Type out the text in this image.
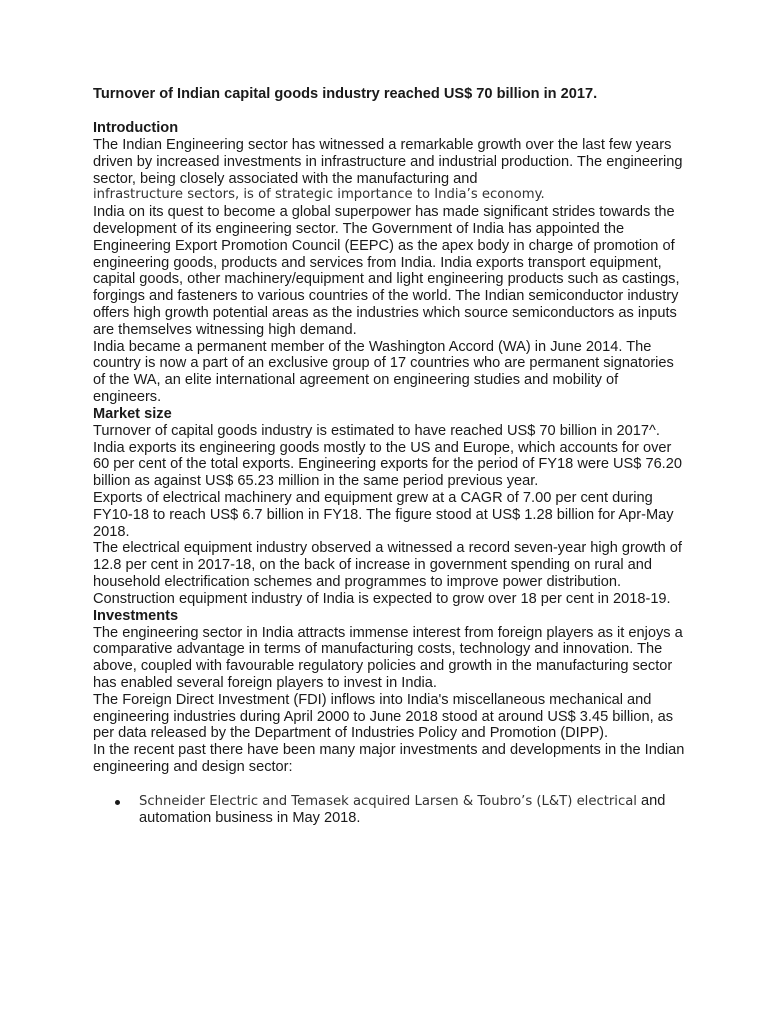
Turnover of Indian capital goods industry reached US$ 70 billion in 2017.

Introduction

The Indian Engineering sector has witnessed a remarkable growth over the last few years driven by increased investments in infrastructure and industrial production. The engineering sector, being closely associated with the manufacturing and

infrastructure sectors, is of strategic importance to India’s economy.

India on its quest to become a global superpower has made significant strides towards the development of its engineering sector. The Government of India has appointed the Engineering Export Promotion Council (EEPC) as the apex body in charge of promotion of engineering goods, products and services from India. India exports transport equipment, capital goods, other machinery/equipment and light engineering products such as castings, forgings and fasteners to various countries of the world. The Indian semiconductor industry offers high growth potential areas as the industries which source semiconductors as inputs are themselves witnessing high demand.

India became a permanent member of the Washington Accord (WA) in June 2014. The country is now a part of an exclusive group of 17 countries who are permanent signatories of the WA, an elite international agreement on engineering studies and mobility of engineers.

Market size

Turnover of capital goods industry is estimated to have reached US$ 70 billion in 2017^.

India exports its engineering goods mostly to the US and Europe, which accounts for over 60 per cent of the total exports. Engineering exports for the period of FY18 were US$ 76.20 billion as against US$ 65.23 million in the same period previous year.

Exports of electrical machinery and equipment grew at a CAGR of 7.00 per cent during FY10-18 to reach US$ 6.7 billion in FY18. The figure stood at US$ 1.28 billion for Apr-May 2018.

The electrical equipment industry observed a witnessed a record seven-year high growth of 12.8 per cent in 2017-18, on the back of increase in government spending on rural and household electrification schemes and programmes to improve power distribution.

Construction equipment industry of India is expected to grow over 18 per cent in 2018-19.

Investments

The engineering sector in India attracts immense interest from foreign players as it enjoys a comparative advantage in terms of manufacturing costs, technology and innovation. The above, coupled with favourable regulatory policies and growth in the manufacturing sector has enabled several foreign players to invest in India.

The Foreign Direct Investment (FDI) inflows into India's miscellaneous mechanical and engineering industries during April 2000 to June 2018 stood at around US$ 3.45 billion, as per data released by the Department of Industries Policy and Promotion (DIPP).

In the recent past there have been many major investments and developments in the Indian engineering and design sector:

Schneider Electric and Temasek acquired Larsen & Toubro’s (L&T) electrical and automation business in May 2018.
